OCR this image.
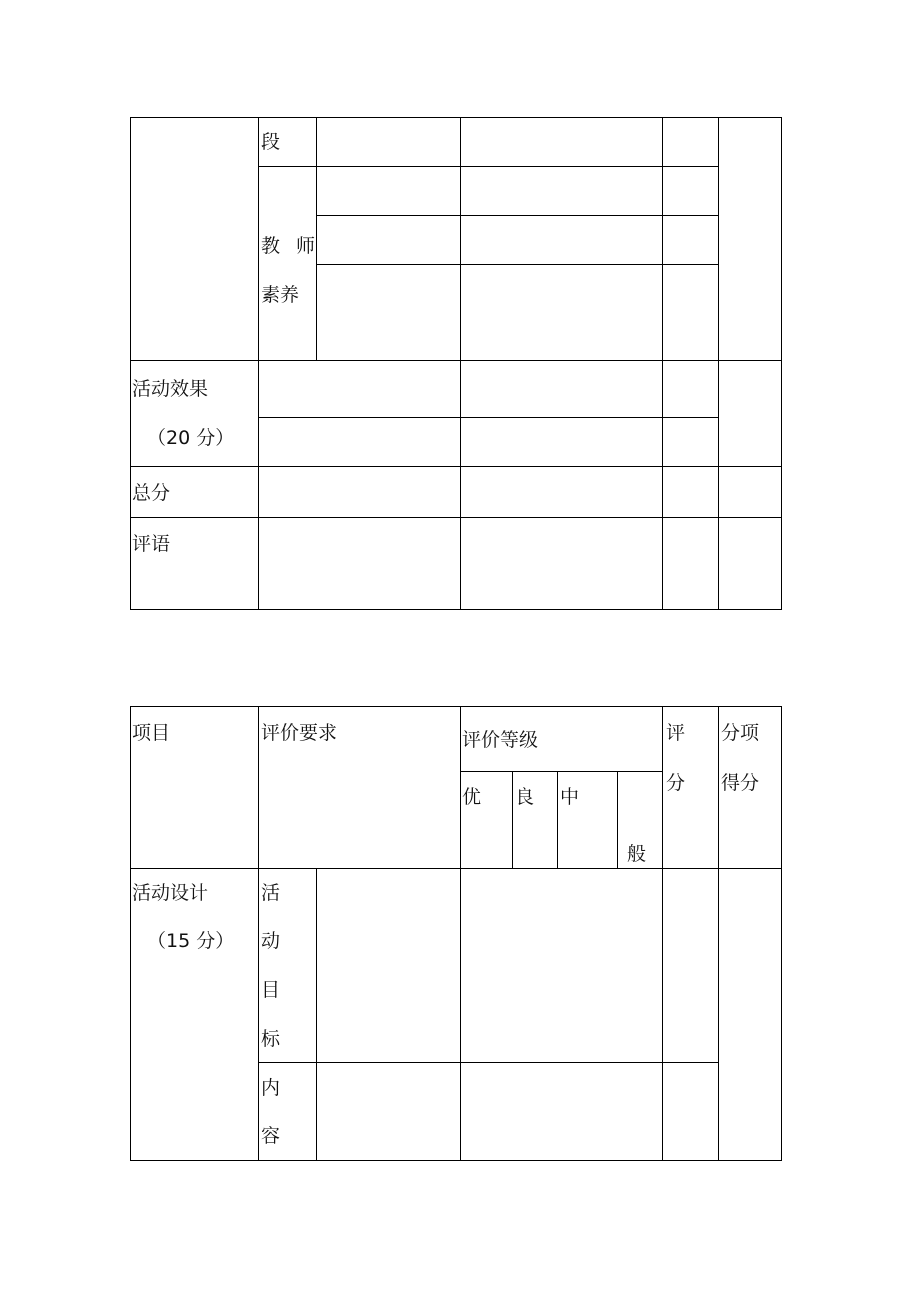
段
教 师
素养
活动效果
（20 分）
总分
评语
项目	评价要求	评价等级
优 良 中
般
评
分
分项
得分
活动设计
（15 分）
活
动
目
标
内
容
